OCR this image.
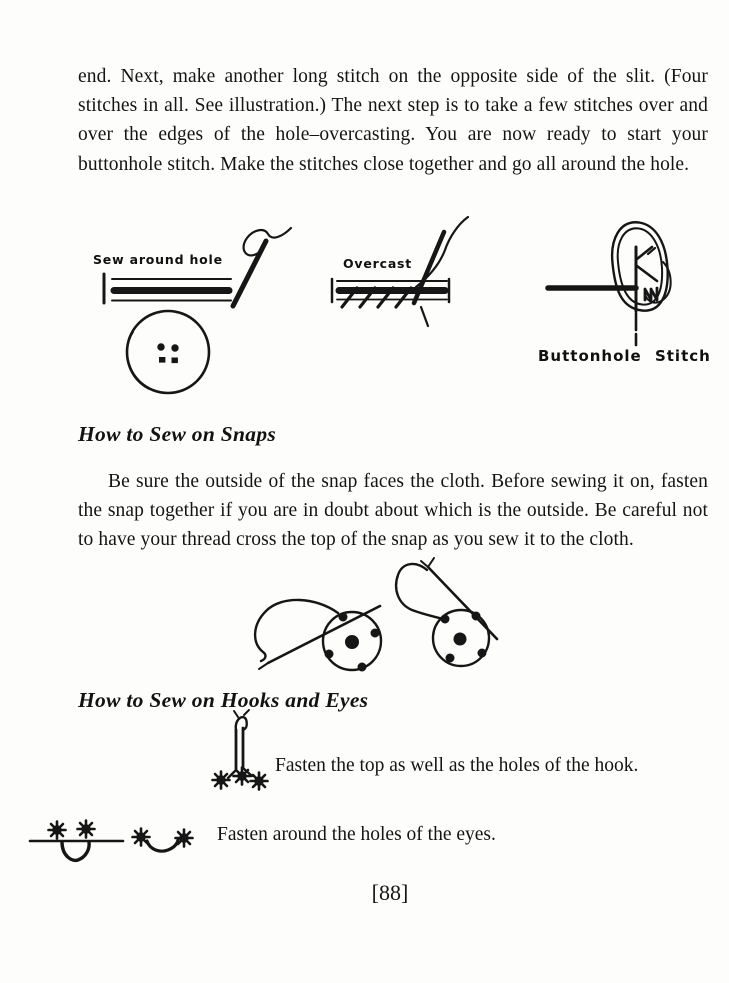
end. Next, make another long stitch on the opposite side of the slit. (Four stitches in all. See illustration.) The next step is to take a few stitches over and over the edges of the hole–overcasting. You are now ready to start your buttonhole stitch. Make the stitches close together and go all around the hole.

Sew around hole	Overcast
Buttonhole Stitch
How to Sew on Snaps

Be sure the outside of the snap faces the cloth. Before sewing it on, fasten the snap together if you are in doubt about which is the outside. Be careful not to have your thread cross the top of the snap as you sew it to the cloth.

How to Sew on Hooks and Eyes

Fasten the top as well as the holes of the hook.

Fasten around the holes of the eyes.

[88]
